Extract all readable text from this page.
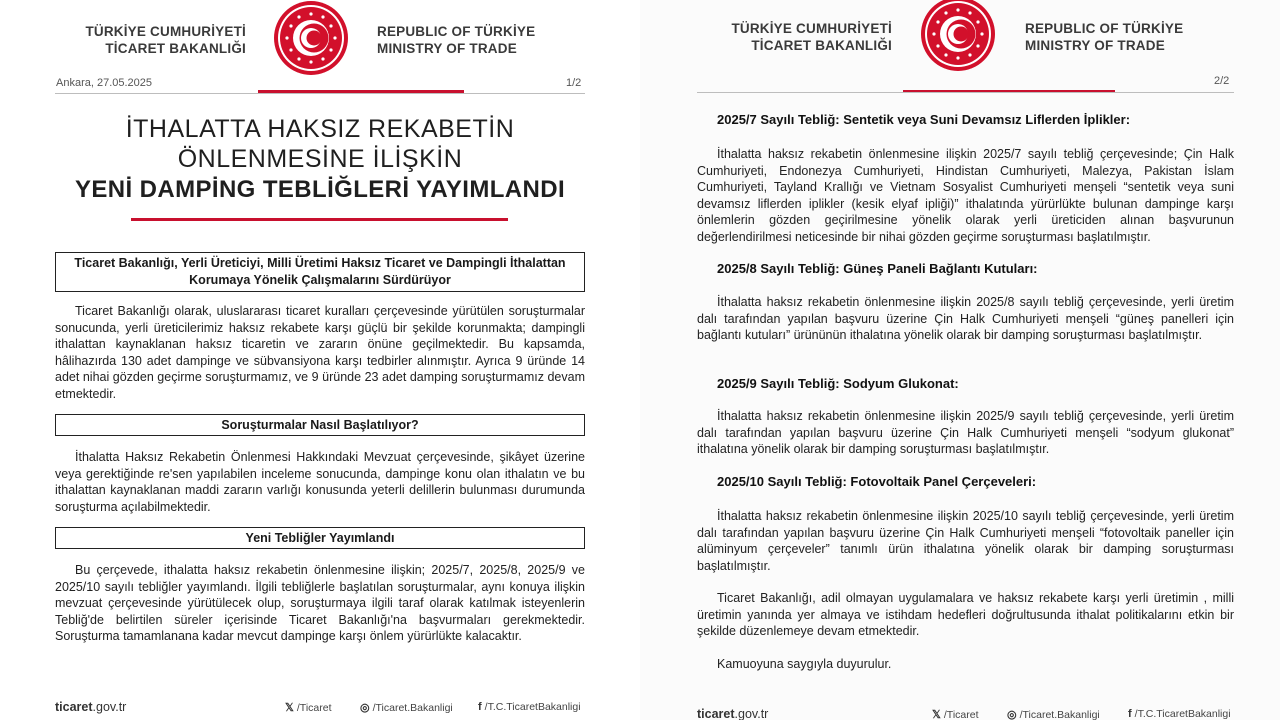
TÜRKİYE CUMHURİYETİ
TİCARET BAKANLIĞI
REPUBLIC OF TÜRKİYE
MINISTRY OF TRADE
Ankara, 27.05.2025	1/2
İTHALATTA HAKSIZ REKABETİN
ÖNLENMESİNE İLİŞKİN
YENİ DAMPİNG TEBLİĞLERİ YAYIMLANDI
Ticaret Bakanlığı, Yerli Üreticiyi, Milli Üretimi Haksız Ticaret ve Dampingli İthalattan Korumaya Yönelik Çalışmalarını Sürdürüyor

Ticaret Bakanlığı olarak, uluslararası ticaret kuralları çerçevesinde yürütülen soruşturmalar sonucunda, yerli üreticilerimiz haksız rekabete karşı güçlü bir şekilde korunmakta; dampingli ithalattan kaynaklanan haksız ticaretin ve zararın önüne geçilmektedir. Bu kapsamda, hâlihazırda 130 adet dampinge ve sübvansiyona karşı tedbirler alınmıştır. Ayrıca 9 üründe 14 adet nihai gözden geçirme soruşturmamız, ve 9 üründe 23 adet damping soruşturmamız devam etmektedir.

Soruşturmalar Nasıl Başlatılıyor?

İthalatta Haksız Rekabetin Önlenmesi Hakkındaki Mevzuat çerçevesinde, şikâyet üzerine veya gerektiğinde re'sen yapılabilen inceleme sonucunda, dampinge konu olan ithalatın ve bu ithalattan kaynaklanan maddi zararın varlığı konusunda yeterli delillerin bulunması durumunda soruşturma açılabilmektedir.

Yeni Tebliğler Yayımlandı

Bu çerçevede, ithalatta haksız rekabetin önlenmesine ilişkin; 2025/7, 2025/8, 2025/9 ve 2025/10 sayılı tebliğler yayımlandı. İlgili tebliğlerle başlatılan soruşturmalar, aynı konuya ilişkin mevzuat çerçevesinde yürütülecek olup, soruşturmaya ilgili taraf olarak katılmak isteyenlerin Tebliğ'de belirtilen süreler içerisinde Ticaret Bakanlığı'na başvurmaları gerekmektedir. Soruşturma tamamlanana kadar mevcut dampinge karşı önlem yürürlükte kalacaktır.

ticaret.gov.tr	𝕏 /Ticaret	◎ /Ticaret.Bakanligi f /T.C.TicaretBakanligi
TÜRKİYE CUMHURİYETİ
TİCARET BAKANLIĞI
REPUBLIC OF TÜRKİYE
MINISTRY OF TRADE
2/2
2025/7 Sayılı Tebliğ: Sentetik veya Suni Devamsız Liflerden İplikler:

İthalatta haksız rekabetin önlenmesine ilişkin 2025/7 sayılı tebliğ çerçevesinde; Çin Halk Cumhuriyeti, Endonezya Cumhuriyeti, Hindistan Cumhuriyeti, Malezya, Pakistan İslam Cumhuriyeti, Tayland Krallığı ve Vietnam Sosyalist Cumhuriyeti menşeli “sentetik veya suni devamsız liflerden iplikler (kesik elyaf ipliği)” ithalatında yürürlükte bulunan dampinge karşı önlemlerin gözden geçirilmesine yönelik olarak yerli üreticiden alınan başvurunun değerlendirilmesi neticesinde bir nihai gözden geçirme soruşturması başlatılmıştır.

2025/8 Sayılı Tebliğ: Güneş Paneli Bağlantı Kutuları:

İthalatta haksız rekabetin önlenmesine ilişkin 2025/8 sayılı tebliğ çerçevesinde, yerli üretim dalı tarafından yapılan başvuru üzerine Çin Halk Cumhuriyeti menşeli “güneş panelleri için bağlantı kutuları” ürününün ithalatına yönelik olarak bir damping soruşturması başlatılmıştır.

2025/9 Sayılı Tebliğ: Sodyum Glukonat:

İthalatta haksız rekabetin önlenmesine ilişkin 2025/9 sayılı tebliğ çerçevesinde, yerli üretim dalı tarafından yapılan başvuru üzerine Çin Halk Cumhuriyeti menşeli “sodyum glukonat” ithalatına yönelik olarak bir damping soruşturması başlatılmıştır.

2025/10 Sayılı Tebliğ: Fotovoltaik Panel Çerçeveleri:

İthalatta haksız rekabetin önlenmesine ilişkin 2025/10 sayılı tebliğ çerçevesinde, yerli üretim dalı tarafından yapılan başvuru üzerine Çin Halk Cumhuriyeti menşeli “fotovoltaik paneller için alüminyum çerçeveler” tanımlı ürün ithalatına yönelik olarak bir damping soruşturması başlatılmıştır.

Ticaret Bakanlığı, adil olmayan uygulamalara ve haksız rekabete karşı yerli üretimin , milli üretimin yanında yer almaya ve istihdam hedefleri doğrultusunda ithalat politikalarını etkin bir şekilde düzenlemeye devam etmektedir.

Kamuoyuna saygıyla duyurulur.

ticaret.gov.tr	𝕏 /Ticaret	◎ /Ticaret.Bakanligi	f /T.C.TicaretBakanligi
